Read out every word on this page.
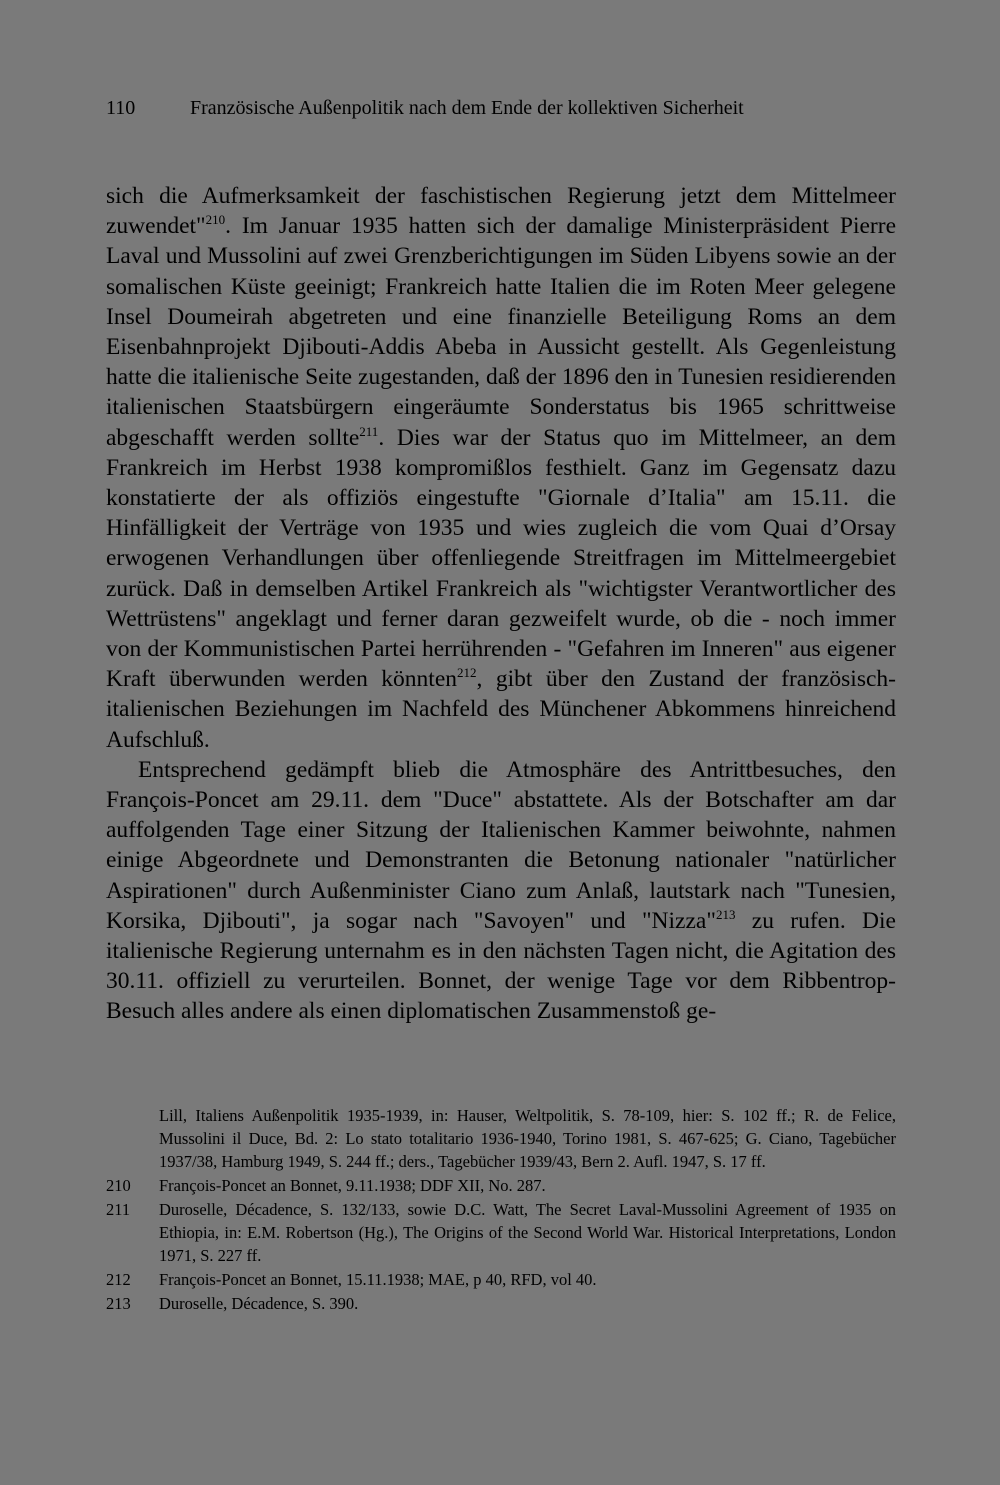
110	Französische Außenpolitik nach dem Ende der kollektiven Sicherheit

sich die Aufmerksamkeit der faschistischen Regierung jetzt dem Mittelmeer zuwendet"$^{210}$. Im Januar 1935 hatten sich der damalige Ministerpräsident Pierre Laval und Mussolini auf zwei Grenzberichtigungen im Süden Libyens sowie an der somalischen Küste geeinigt; Frankreich hatte Italien die im Roten Meer gelegene Insel Doumeirah abgetreten und eine finanzielle Beteiligung Roms an dem Eisenbahnprojekt Djibouti-Addis Abeba in Aussicht gestellt. Als Gegenleistung hatte die italienische Seite zugestanden, daß der 1896 den in Tunesien residierenden italienischen Staatsbürgern eingeräumte Sonderstatus bis 1965 schrittweise abgeschafft werden sollte$^{211}$. Dies war der Status quo im Mittelmeer, an dem Frankreich im Herbst 1938 kompromißlos festhielt. Ganz im Gegensatz dazu konstatierte der als offiziös eingestufte "Giornale d’Italia" am 15.11. die Hinfälligkeit der Verträge von 1935 und wies zugleich die vom Quai d’Orsay erwogenen Verhandlungen über offenliegende Streitfragen im Mittelmeergebiet zurück. Daß in demselben Artikel Frankreich als "wichtigster Verantwortlicher des Wettrüstens" angeklagt und ferner daran gezweifelt wurde, ob die - noch immer von der Kommunistischen Partei herrührenden - "Gefahren im Inneren" aus eigener Kraft überwunden werden könnten$^{212}$, gibt über den Zustand der französisch-italienischen Beziehungen im Nachfeld des Münchener Abkommens hinreichend Aufschluß.

Entsprechend gedämpft blieb die Atmosphäre des Antrittbesuches, den François-Poncet am 29.11. dem "Duce" abstattete. Als der Botschafter am dar auffolgenden Tage einer Sitzung der Italienischen Kammer beiwohnte, nahmen einige Abgeordnete und Demonstranten die Betonung nationaler "natürlicher Aspirationen" durch Außenminister Ciano zum Anlaß, lautstark nach "Tunesien, Korsika, Djibouti", ja sogar nach "Savoyen" und "Nizza"$^{213}$ zu rufen. Die italienische Regierung unternahm es in den nächsten Tagen nicht, die Agitation des 30.11. offiziell zu verurteilen. Bonnet, der wenige Tage vor dem Ribbentrop-Besuch alles andere als einen diplomatischen Zusammenstoß ge-

Lill, Italiens Außenpolitik 1935-1939, in: Hauser, Weltpolitik, S. 78-109, hier: S. 102 ff.; R. de Felice, Mussolini il Duce, Bd. 2: Lo stato totalitario 1936-1940, Torino 1981, S. 467-625; G. Ciano, Tagebücher 1937/38, Hamburg 1949, S. 244 ff.; ders., Tagebücher 1939/43, Bern 2. Aufl. 1947, S. 17 ff.
210	François-Poncet an Bonnet, 9.11.1938; DDF XII, No. 287.
211	Duroselle, Décadence, S. 132/133, sowie D.C. Watt, The Secret Laval-Mussolini Agreement of 1935 on Ethiopia, in: E.M. Robertson (Hg.), The Origins of the Second World War. Historical Interpretations, London 1971, S. 227 ff.
212	François-Poncet an Bonnet, 15.11.1938; MAE, p 40, RFD, vol 40.
213	Duroselle, Décadence, S. 390.
